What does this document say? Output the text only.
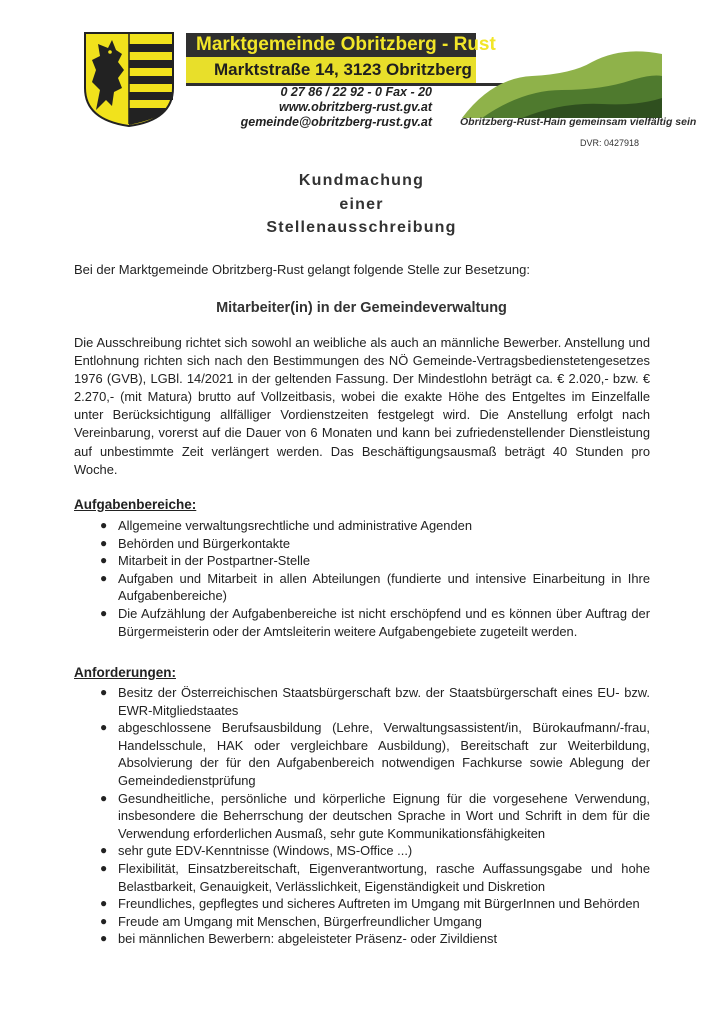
Marktgemeinde Obritzberg - Rust
Marktstraße 14, 3123 Obritzberg
0 27 86 / 22 92 - 0 Fax - 20
www.obritzberg-rust.gv.at
gemeinde@obritzberg-rust.gv.at	Obritzberg-Rust-Hain gemeinsam vielfältig sein
DVR: 0427918
Kundmachung
einer
Stellenausschreibung
Bei der Marktgemeinde Obritzberg-Rust gelangt folgende Stelle zur Besetzung:
Mitarbeiter(in) in der Gemeindeverwaltung
Die Ausschreibung richtet sich sowohl an weibliche als auch an männliche Bewerber. Anstellung und Entlohnung richten sich nach den Bestimmungen des NÖ Gemeinde-Vertragsbedienstetengesetzes 1976 (GVB), LGBl. 14/2021 in der geltenden Fassung. Der Mindestlohn beträgt ca. € 2.020,- bzw. € 2.270,- (mit Matura) brutto auf Vollzeitbasis, wobei die exakte Höhe des Entgeltes im Einzelfalle unter Berücksichtigung allfälliger Vordienstzeiten festgelegt wird. Die Anstellung erfolgt nach Vereinbarung, vorerst auf die Dauer von 6 Monaten und kann bei zufriedenstellender Dienstleistung auf unbestimmte Zeit verlängert werden. Das Beschäftigungsausmaß beträgt 40 Stunden pro Woche.
Aufgabenbereiche:
● Allgemeine verwaltungsrechtliche und administrative Agenden
● Behörden und Bürgerkontakte
● Mitarbeit in der Postpartner-Stelle
● Aufgaben und Mitarbeit in allen Abteilungen (fundierte und intensive Einarbeitung in Ihre Aufgabenbereiche)
● Die Aufzählung der Aufgabenbereiche ist nicht erschöpfend und es können über Auftrag der Bürgermeisterin oder der Amtsleiterin weitere Aufgabengebiete zugeteilt werden.
Anforderungen:
● Besitz der Österreichischen Staatsbürgerschaft bzw. der Staatsbürgerschaft eines EU- bzw. EWR-Mitgliedstaates
● abgeschlossene Berufsausbildung (Lehre, Verwaltungsassistent/in, Bürokaufmann/-frau, Handelsschule, HAK oder vergleichbare Ausbildung), Bereitschaft zur Weiterbildung, Absolvierung der für den Aufgabenbereich notwendigen Fachkurse sowie Ablegung der Gemeindedienstprüfung
● Gesundheitliche, persönliche und körperliche Eignung für die vorgesehene Verwendung, insbesondere die Beherrschung der deutschen Sprache in Wort und Schrift in dem für die Verwendung erforderlichen Ausmaß, sehr gute Kommunikationsfähigkeiten
● sehr gute EDV-Kenntnisse (Windows, MS-Office ...)
● Flexibilität, Einsatzbereitschaft, Eigenverantwortung, rasche Auffassungsgabe und hohe Belastbarkeit, Genauigkeit, Verlässlichkeit, Eigenständigkeit und Diskretion
● Freundliches, gepflegtes und sicheres Auftreten im Umgang mit BürgerInnen und Behörden
● Freude am Umgang mit Menschen, Bürgerfreundlicher Umgang
● bei männlichen Bewerbern: abgeleisteter Präsenz- oder Zivildienst
